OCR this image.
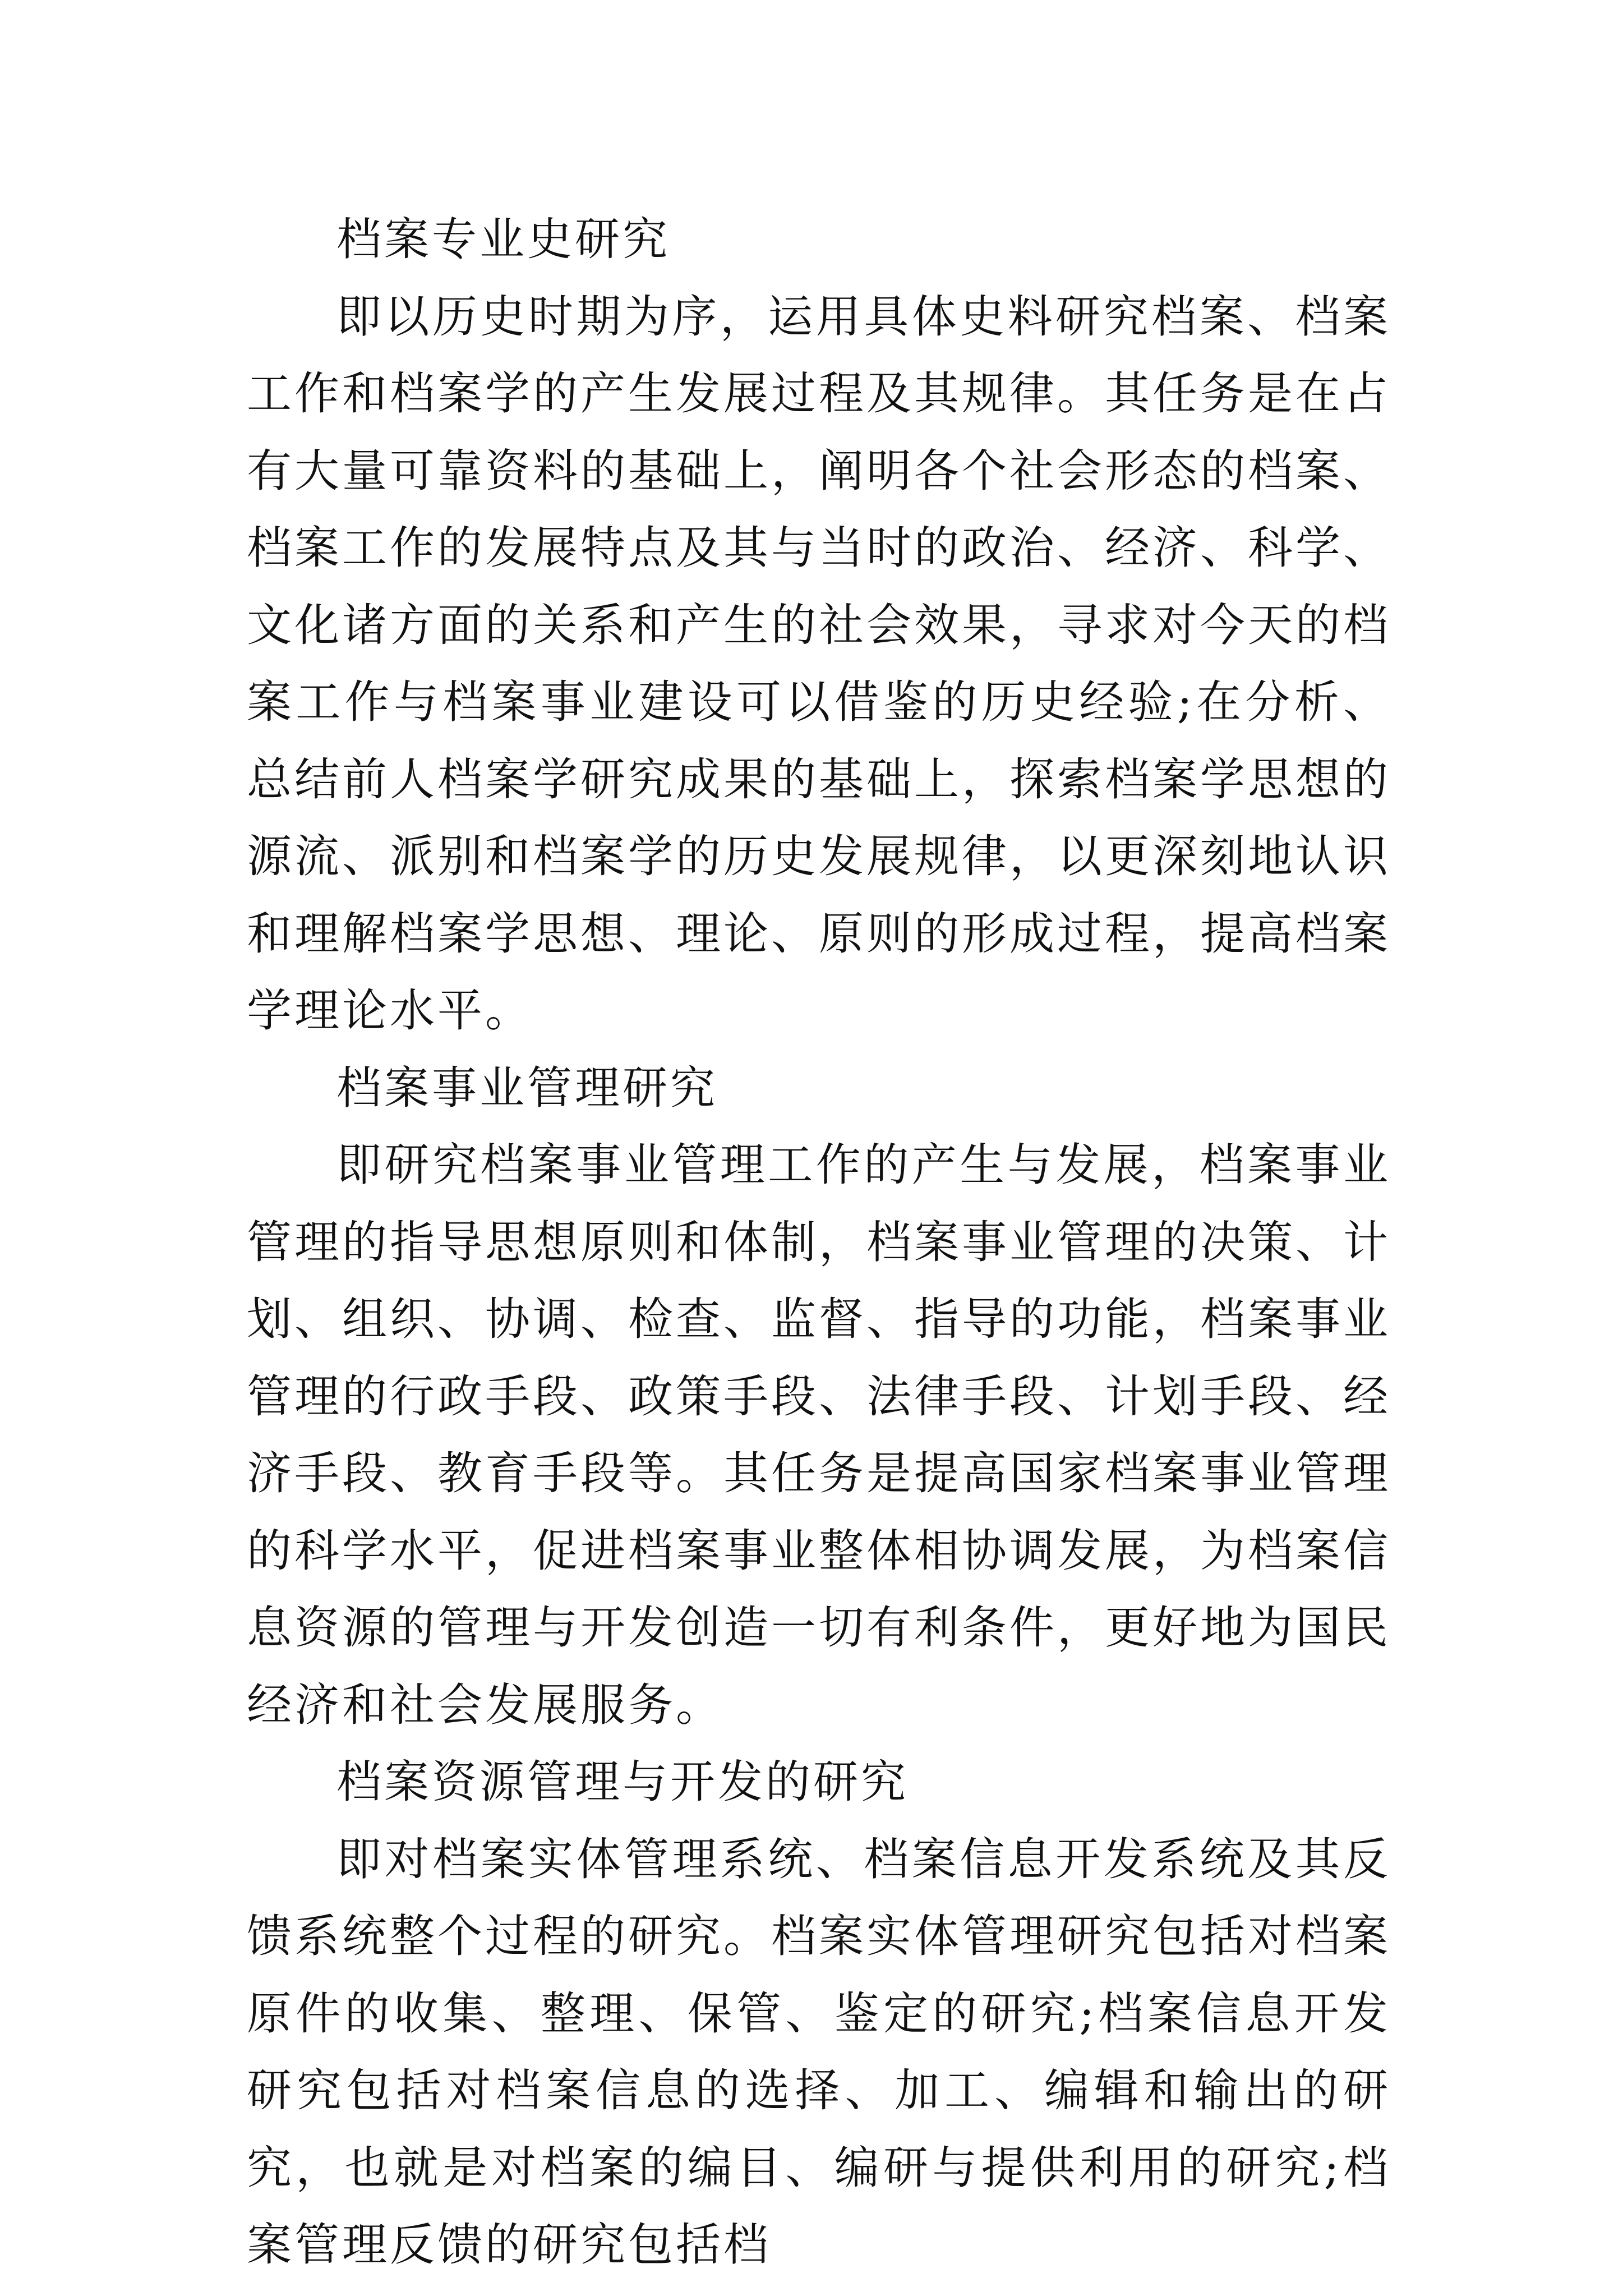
档案专业史研究

即以历史时期为序，运用具体史料研究档案、档案工作和档案学的产生发展过程及其规律。其任务是在占有大量可靠资料的基础上，阐明各个社会形态的档案、档案工作的发展特点及其与当时的政治、经济、科学、文化诸方面的关系和产生的社会效果，寻求对今天的档案工作与档案事业建设可以借鉴的历史经验;在分析、总结前人档案学研究成果的基础上，探索档案学思想的源流、派别和档案学的历史发展规律，以更深刻地认识和理解档案学思想、理论、原则的形成过程，提高档案学理论水平。

档案事业管理研究

即研究档案事业管理工作的产生与发展，档案事业管理的指导思想原则和体制，档案事业管理的决策、计划、组织、协调、检查、监督、指导的功能，档案事业管理的行政手段、政策手段、法律手段、计划手段、经济手段、教育手段等。其任务是提高国家档案事业管理的科学水平，促进档案事业整体相协调发展，为档案信息资源的管理与开发创造一切有利条件，更好地为国民经济和社会发展服务。

档案资源管理与开发的研究

即对档案实体管理系统、档案信息开发系统及其反馈系统整个过程的研究。档案实体管理研究包括对档案原件的收集、整理、保管、鉴定的研究;档案信息开发研究包括对档案信息的选择、加工、编辑和输出的研究，也就是对档案的编目、编研与提供利用的研究;档案管理反馈的研究包括档
